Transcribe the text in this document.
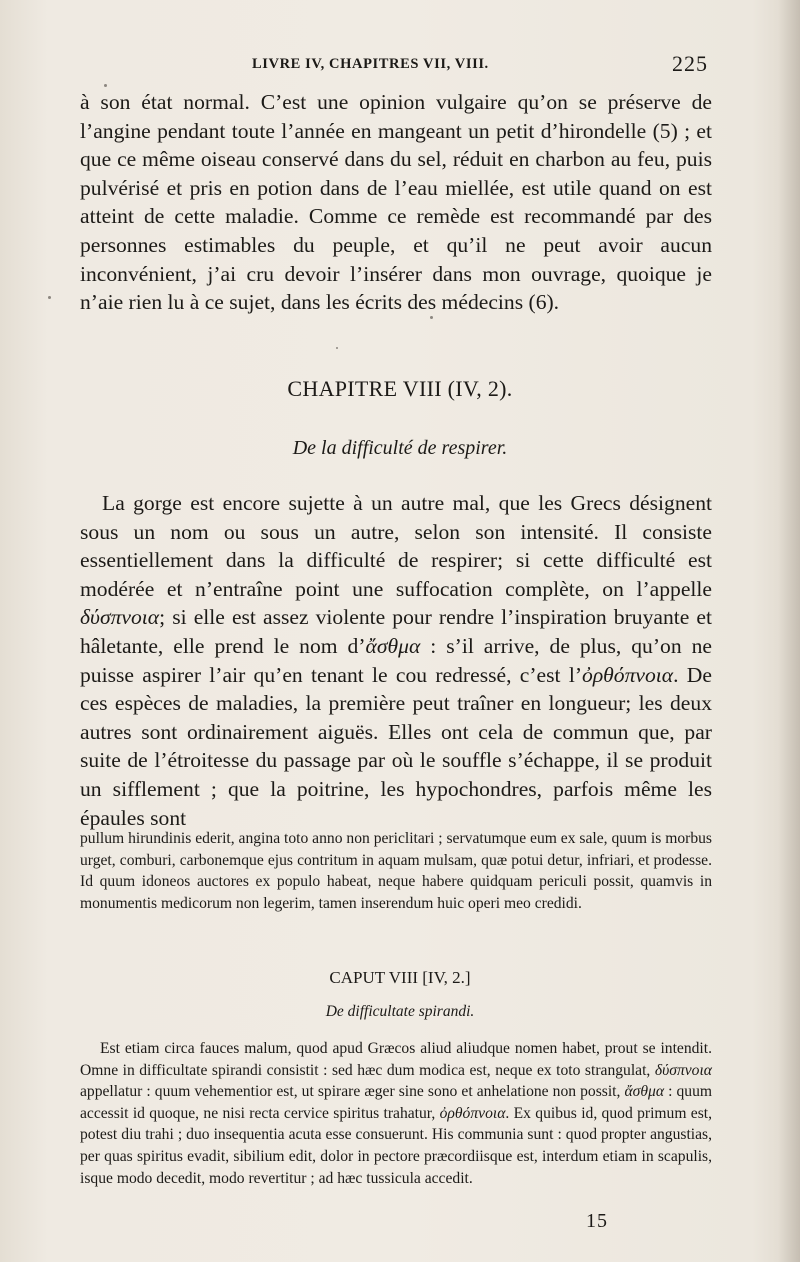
LIVRE IV, CHAPITRES VII, VIII.	225

à son état normal. C’est une opinion vulgaire qu’on se préserve de l’angine pendant toute l’année en mangeant un petit d’hirondelle (5) ; et que ce même oiseau conservé dans du sel, réduit en charbon au feu, puis pulvérisé et pris en potion dans de l’eau miellée, est utile quand on est atteint de cette maladie. Comme ce remède est recommandé par des personnes estimables du peuple, et qu’il ne peut avoir aucun inconvénient, j’ai cru devoir l’insérer dans mon ouvrage, quoique je n’aie rien lu à ce sujet, dans les écrits des médecins (6).

CHAPITRE VIII (IV, 2).
De la difficulté de respirer.

La gorge est encore sujette à un autre mal, que les Grecs désignent sous un nom ou sous un autre, selon son intensité. Il consiste essentiellement dans la difficulté de respirer; si cette difficulté est modérée et n’entraîne point une suffocation complète, on l’appelle δύσπνοια; si elle est assez violente pour rendre l’inspiration bruyante et hâletante, elle prend le nom d’ἄσθμα : s’il arrive, de plus, qu’on ne puisse aspirer l’air qu’en tenant le cou redressé, c’est l’ὀρθόπνοια. De ces espèces de maladies, la première peut traîner en longueur; les deux autres sont ordinairement aiguës. Elles ont cela de commun que, par suite de l’étroitesse du passage par où le souffle s’échappe, il se produit un sifflement ; que la poitrine, les hypochondres, parfois même les épaules sont

pullum hirundinis ederit, angina toto anno non periclitari ; servatumque eum ex sale, quum is morbus urget, comburi, carbonemque ejus contritum in aquam mulsam, quæ potui detur, infriari, et prodesse. Id quum idoneos auctores ex populo habeat, neque habere quidquam periculi possit, quamvis in monumentis medicorum non legerim, tamen inserendum huic operi meo credidi.

CAPUT VIII [IV, 2.]
De difficultate spirandi.

Est etiam circa fauces malum, quod apud Græcos aliud aliudque nomen habet, prout se intendit. Omne in difficultate spirandi consistit : sed hæc dum modica est, neque ex toto strangulat, δύσπνοια appellatur : quum vehementior est, ut spirare æger sine sono et anhelatione non possit, ἄσθμα : quum accessit id quoque, ne nisi recta cervice spiritus trahatur, ὀρθόπνοια. Ex quibus id, quod primum est, potest diu trahi ; duo insequentia acuta esse consuerunt. His communia sunt : quod propter angustias, per quas spiritus evadit, sibilium edit, dolor in pectore præcordiisque est, interdum etiam in scapulis, isque modo decedit, modo revertitur ; ad hæc tussicula accedit.

15
